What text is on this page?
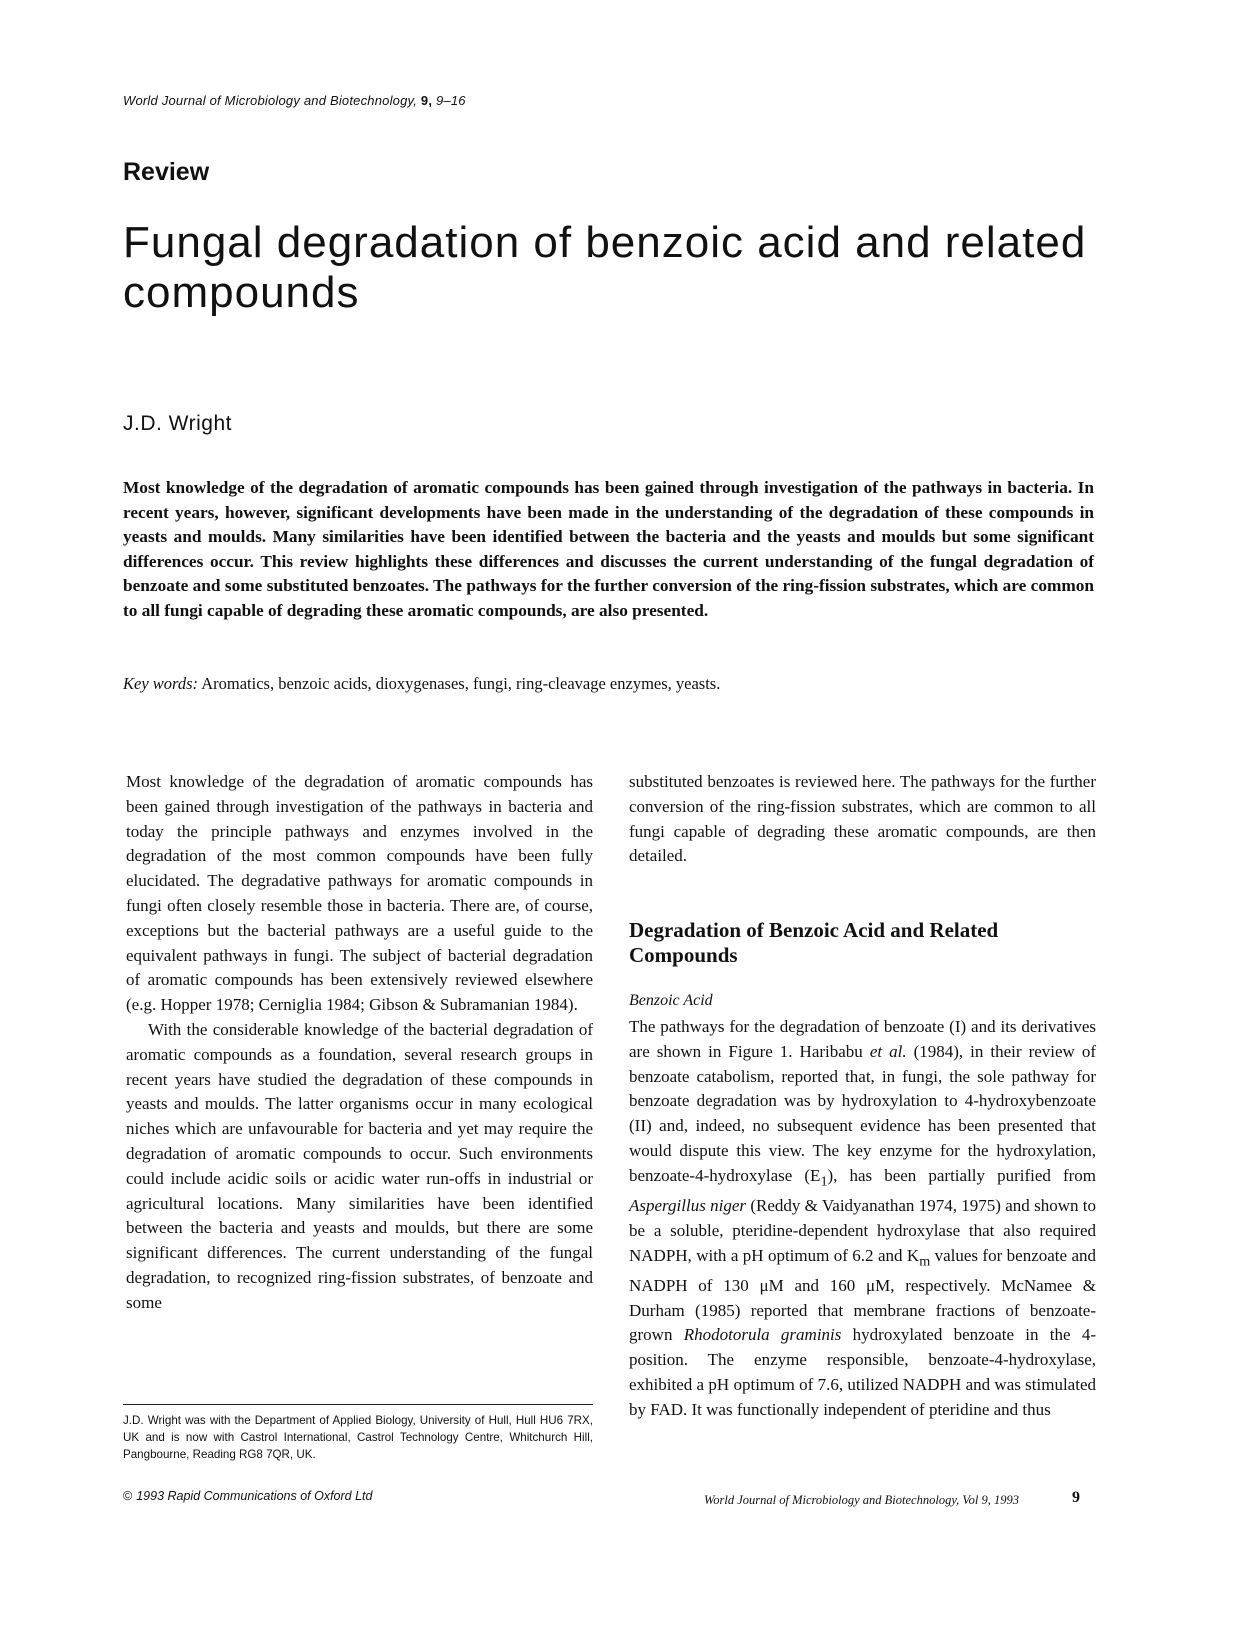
World Journal of Microbiology and Biotechnology, 9, 9–16
Review
Fungal degradation of benzoic acid and related compounds
J.D. Wright
Most knowledge of the degradation of aromatic compounds has been gained through investigation of the pathways in bacteria. In recent years, however, significant developments have been made in the understanding of the degradation of these compounds in yeasts and moulds. Many similarities have been identified between the bacteria and the yeasts and moulds but some significant differences occur. This review highlights these differences and discusses the current understanding of the fungal degradation of benzoate and some substituted benzoates. The pathways for the further conversion of the ring-fission substrates, which are common to all fungi capable of degrading these aromatic compounds, are also presented.
Key words: Aromatics, benzoic acids, dioxygenases, fungi, ring-cleavage enzymes, yeasts.

Most knowledge of the degradation of aromatic compounds has been gained through investigation of the pathways in bacteria and today the principle pathways and enzymes involved in the degradation of the most common compounds have been fully elucidated. The degradative pathways for aromatic compounds in fungi often closely resemble those in bacteria. There are, of course, exceptions but the bacterial pathways are a useful guide to the equivalent pathways in fungi. The subject of bacterial degradation of aromatic compounds has been extensively reviewed elsewhere (e.g. Hopper 1978; Cerniglia 1984; Gibson & Subramanian 1984).

With the considerable knowledge of the bacterial degradation of aromatic compounds as a foundation, several research groups in recent years have studied the degradation of these compounds in yeasts and moulds. The latter organisms occur in many ecological niches which are unfavourable for bacteria and yet may require the degradation of aromatic compounds to occur. Such environments could include acidic soils or acidic water run-offs in industrial or agricultural locations. Many similarities have been identified between the bacteria and yeasts and moulds, but there are some significant differences. The current understanding of the fungal degradation, to recognized ring-fission substrates, of benzoate and some

substituted benzoates is reviewed here. The pathways for the further conversion of the ring-fission substrates, which are common to all fungi capable of degrading these aromatic compounds, are then detailed.

Degradation of Benzoic Acid and Related Compounds
Benzoic Acid

The pathways for the degradation of benzoate (I) and its derivatives are shown in Figure 1. Haribabu et al. (1984), in their review of benzoate catabolism, reported that, in fungi, the sole pathway for benzoate degradation was by hydroxylation to 4-hydroxybenzoate (II) and, indeed, no subsequent evidence has been presented that would dispute this view. The key enzyme for the hydroxylation, benzoate-4-hydroxylase $(E_1)$, has been partially purified from Aspergillus niger (Reddy & Vaidyanathan 1974, 1975) and shown to be a soluble, pteridine-dependent hydroxylase that also required NADPH, with a pH optimum of 6.2 and $K_m$ values for benzoate and NADPH of 130 μM and 160 μM, respectively. McNamee & Durham (1985) reported that membrane fractions of benzoate-grown Rhodotorula graminis hydroxylated benzoate in the 4-position. The enzyme responsible, benzoate-4-hydroxylase, exhibited a pH optimum of 7.6, utilized NADPH and was stimulated by FAD. It was functionally independent of pteridine and thus

J.D. Wright was with the Department of Applied Biology, University of Hull, Hull HU6 7RX, UK and is now with Castrol International, Castrol Technology Centre, Whitchurch Hill, Pangbourne, Reading RG8 7QR, UK.
© 1993 Rapid Communications of Oxford Ltd	World Journal of Microbiology and Biotechnology, Vol 9, 1993	9
